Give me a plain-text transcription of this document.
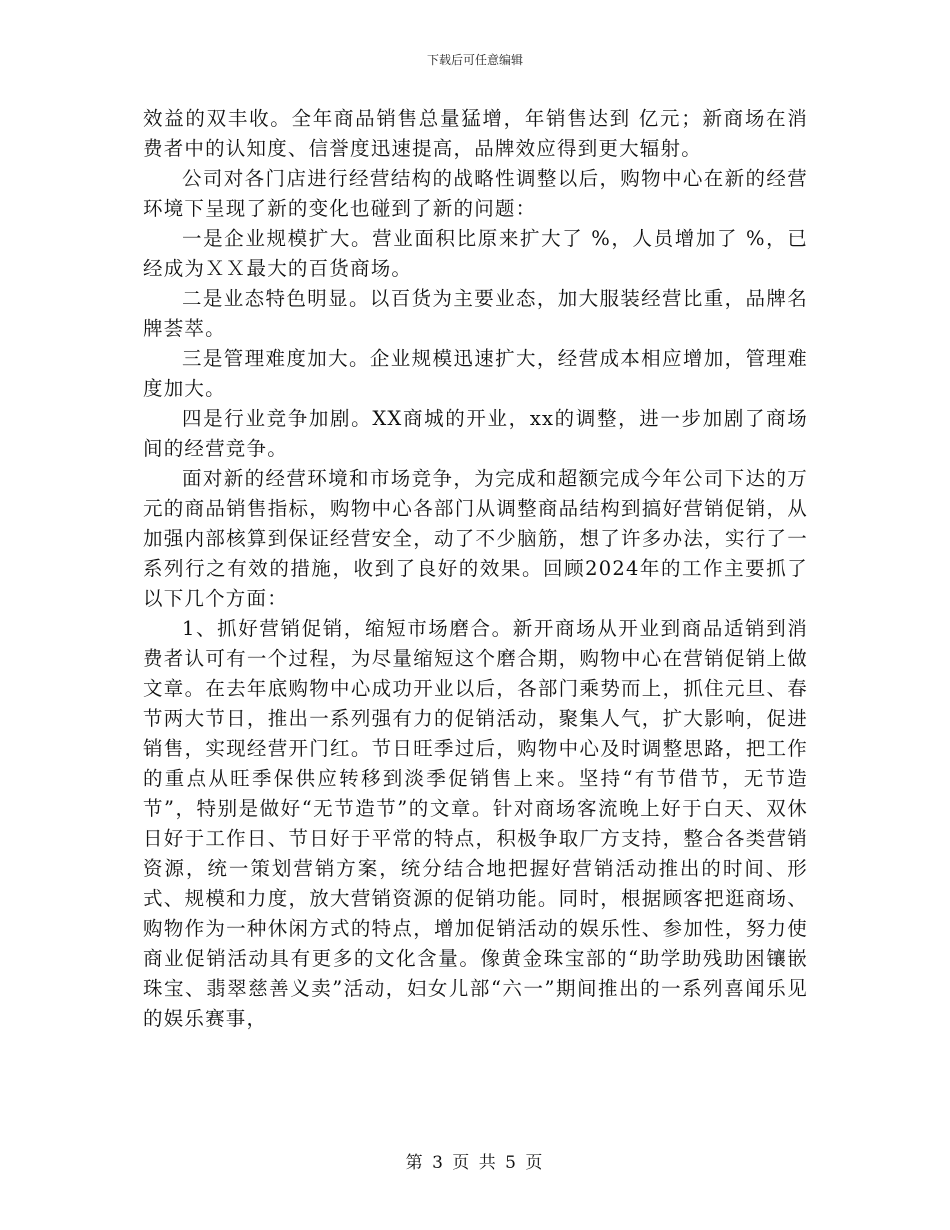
下载后可任意编辑

效益的双丰收。全年商品销售总量猛增，年销售达到 亿元；新商场在消费者中的认知度、信誉度迅速提高，品牌效应得到更大辐射。

公司对各门店进行经营结构的战略性调整以后，购物中心在新的经营环境下呈现了新的变化也碰到了新的问题：

一是企业规模扩大。营业面积比原来扩大了 %，人员增加了 %，已经成为ＸＸ最大的百货商场。

二是业态特色明显。以百货为主要业态，加大服装经营比重，品牌名牌荟萃。

三是管理难度加大。企业规模迅速扩大，经营成本相应增加，管理难度加大。

四是行业竞争加剧。XX商城的开业，xx的调整，进一步加剧了商场间的经营竞争。

面对新的经营环境和市场竞争，为完成和超额完成今年公司下达的万元的商品销售指标，购物中心各部门从调整商品结构到搞好营销促销，从加强内部核算到保证经营安全，动了不少脑筋，想了许多办法，实行了一系列行之有效的措施，收到了良好的效果。回顾2024年的工作主要抓了以下几个方面：

1、抓好营销促销，缩短市场磨合。新开商场从开业到商品适销到消费者认可有一个过程，为尽量缩短这个磨合期，购物中心在营销促销上做文章。在去年底购物中心成功开业以后，各部门乘势而上，抓住元旦、春节两大节日，推出一系列强有力的促销活动，聚集人气，扩大影响，促进销售，实现经营开门红。节日旺季过后，购物中心及时调整思路，把工作的重点从旺季保供应转移到淡季促销售上来。坚持“有节借节，无节造节”，特别是做好“无节造节”的文章。针对商场客流晚上好于白天、双休日好于工作日、节日好于平常的特点，积极争取厂方支持，整合各类营销资源，统一策划营销方案，统分结合地把握好营销活动推出的时间、形式、规模和力度，放大营销资源的促销功能。同时，根据顾客把逛商场、购物作为一种休闲方式的特点，增加促销活动的娱乐性、参加性，努力使商业促销活动具有更多的文化含量。像黄金珠宝部的“助学助残助困镶嵌珠宝、翡翠慈善义卖”活动，妇女儿部“六一”期间推出的一系列喜闻乐见的娱乐赛事，

第 3 页 共 5 页
